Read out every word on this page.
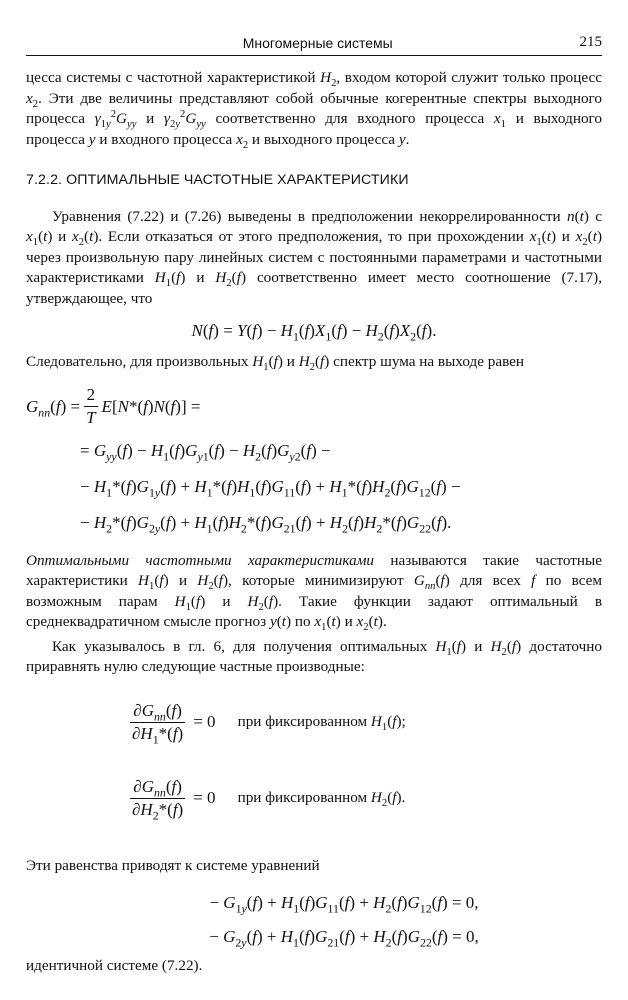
Многомерные системы	215

цесса системы с частотной характеристикой $H_2$, входом которой служит только процесс $x_2$. Эти две величины представляют собой обычные когерентные спектры выходного процесса $\gamma_{1y}^2G_{yy}$ и $\gamma_{2y}^2G_{yy}$ соответственно для входного процесса $x_1$ и выходного процесса y и входного процесса $x_2$ и выходного процесса y.

7.2.2. ОПТИМАЛЬНЫЕ ЧАСТОТНЫЕ ХАРАКТЕРИСТИКИ

Уравнения (7.22) и (7.26) выведены в предположении некоррелированности n(t) с $x_1(t)$ и $x_2(t)$. Если отказаться от этого предположения, то при прохождении $x_1(t)$ и $x_2(t)$ через произвольную пару линейных систем с постоянными параметрами и частотными характеристиками $H_1(f)$ и $H_2(f)$ соответственно имеет место соотношение (7.17), утверждающее, что

$N(f) = Y(f) - H_1(f)X_1(f) - H_2(f)X_2(f)$.

Следовательно, для произвольных $H_1(f)$ и $H_2(f)$ спектр шума на выходе равен

$G_{nn}(f) = \frac{2}{T} E[N*(f)N(f)]$ =
= $G_{yy}(f) - H_1(f)G_{y1}(f) - H_2(f)G_{y2}(f)$ −
− $H_1*(f)G_{1y}(f) + H_1*(f)H_1(f)G_{11}(f) + H_1*(f)H_2(f)G_{12}(f)$ −
− $H_2*(f)G_{2y}(f) + H_1(f)H_2*(f)G_{21}(f) + H_2(f)H_2*(f)G_{22}(f)$.

Оптимальными частотными характеристиками называются такие частотные характеристики $H_1(f)$ и $H_2(f)$, которые минимизируют $G_{nn}(f)$ для всех f по всем возможным парам $H_1(f)$ и $H_2(f)$. Такие функции задают оптимальный в среднеквадратичном смысле прогноз y(t) по $x_1(t)$ и $x_2(t)$.

Как указывалось в гл. 6, для получения оптимальных $H_1(f)$ и $H_2(f)$ достаточно приравнять нулю следующие частные производные:

$\frac{\partial G_{nn}(f)}{\partial H_1*(f)} = 0$ при фиксированном $H_1(f)$;
$\frac{\partial G_{nn}(f)}{\partial H_2*(f)} = 0$ при фиксированном $H_2(f)$.

Эти равенства приводят к системе уравнений

− $G_{1y}(f) + H_1(f)G_{11}(f) + H_2(f)G_{12}(f) = 0$,
− $G_{2y}(f) + H_1(f)G_{21}(f) + H_2(f)G_{22}(f) = 0$,

идентичной системе (7.22).
